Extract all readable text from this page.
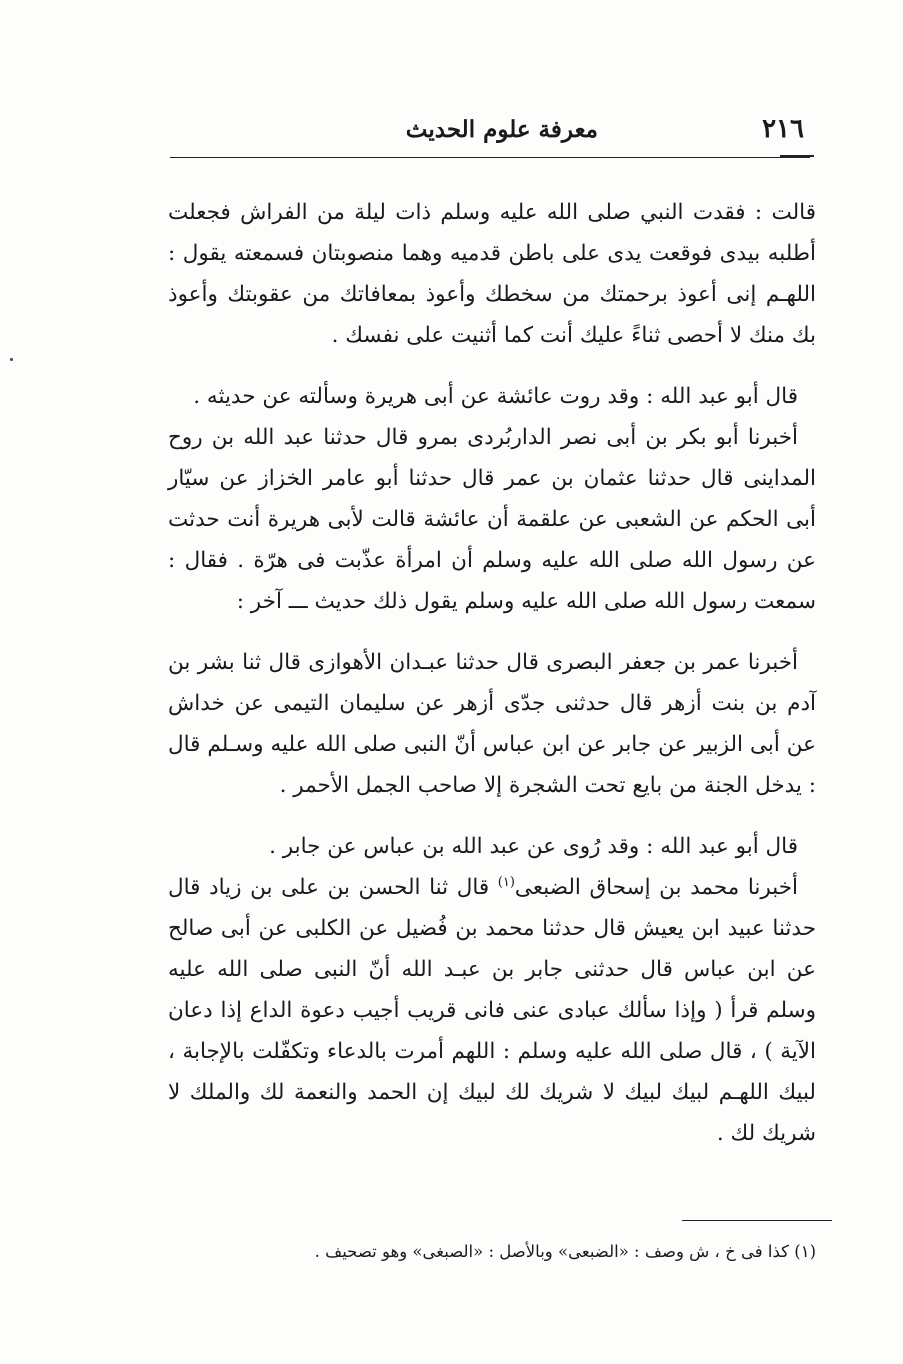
٢١٦
معرفة علوم الحديث

قالت : فقدت النبي صلى الله عليه وسلم ذات ليلة من الفراش فجعلت أطلبه بيدى فوقعت يدى على باطن قدميه وهما منصوبتان فسمعته يقول : اللهـم إنى أعوذ برحمتك من سخطك وأعوذ بمعافاتك من عقوبتك وأعوذ بك منك لا أحصى ثناءً عليك أنت كما أثنيت على نفسك .

قال أبو عبد الله : وقد روت عائشة عن أبى هريرة وسألته عن حديثه .

أخبرنا أبو بكر بن أبى نصر الداربُردى بمرو قال حدثنا عبد الله بن روح المداينى قال حدثنا عثمان بن عمر قال حدثنا أبو عامر الخزاز عن سيّار أبى الحكم عن الشعبى عن علقمة أن عائشة قالت لأبى هريرة أنت حدثت عن رسول الله صلى الله عليه وسلم أن امرأة عذّبت فى هرّة . فقال : سمعت رسول الله صلى الله عليه وسلم يقول ذلك حديث ـــ آخر :

أخبرنا عمر بن جعفر البصرى قال حدثنا عبـدان الأهوازى قال ثنا بشر بن آدم بن بنت أزهر قال حدثنى جدّى أزهر عن سليمان التيمى عن خداش عن أبى الزبير عن جابر عن ابن عباس أنّ النبى صلى الله عليه وسـلم قال : يدخل الجنة من بايع تحت الشجرة إلا صاحب الجمل الأحمر .

قال أبو عبد الله : وقد رُوى عن عبد الله بن عباس عن جابر .

أخبرنا محمد بن إسحاق الضبعى$^{(١)}$ قال ثنا الحسن بن على بن زياد قال حدثنا عبيد ابن يعيش قال حدثنا محمد بن فُضيل عن الكلبى عن أبى صالح عن ابن عباس قال حدثنى جابر بن عبـد الله أنّ النبى صلى الله عليه وسلم قرأ ( وإذا سألك عبادى عنى فانى قريب أجيب دعوة الداع إذا دعان الآية ) ، قال صلى الله عليه وسلم : اللهم أمرت بالدعاء وتكفّلت بالإجابة ، لبيك اللهـم لبيك لبيك لا شريك لك لبيك إن الحمد والنعمة لك والملك لا شريك لك .

(١) كذا فى خ ، ش وصف : «الضبعى» وبالأصل : «الصبغى» وهو تصحيف .
